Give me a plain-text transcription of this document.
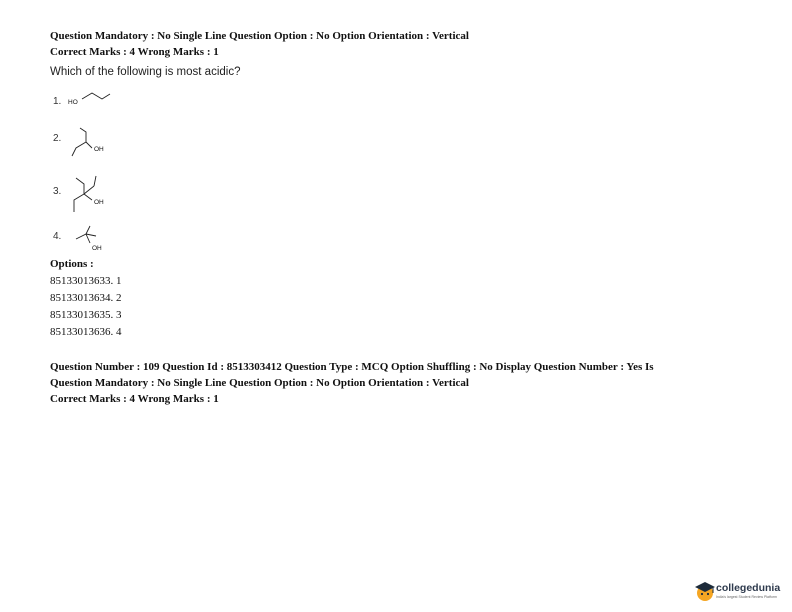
Question Mandatory : No Single Line Question Option : No Option Orientation : Vertical
Correct Marks : 4 Wrong Marks : 1
Which of the following is most acidic?
1. HO
2.
OH
3.
OH
4.
OH
Options :
85133013633. 1
85133013634. 2
85133013635. 3
85133013636. 4
Question Number : 109 Question Id : 8513303412 Question Type : MCQ Option Shuffling : No Display Question Number : Yes Is
Question Mandatory : No Single Line Question Option : No Option Orientation : Vertical
Correct Marks : 4 Wrong Marks : 1
collegedunia
India's largest Student Review Platform
